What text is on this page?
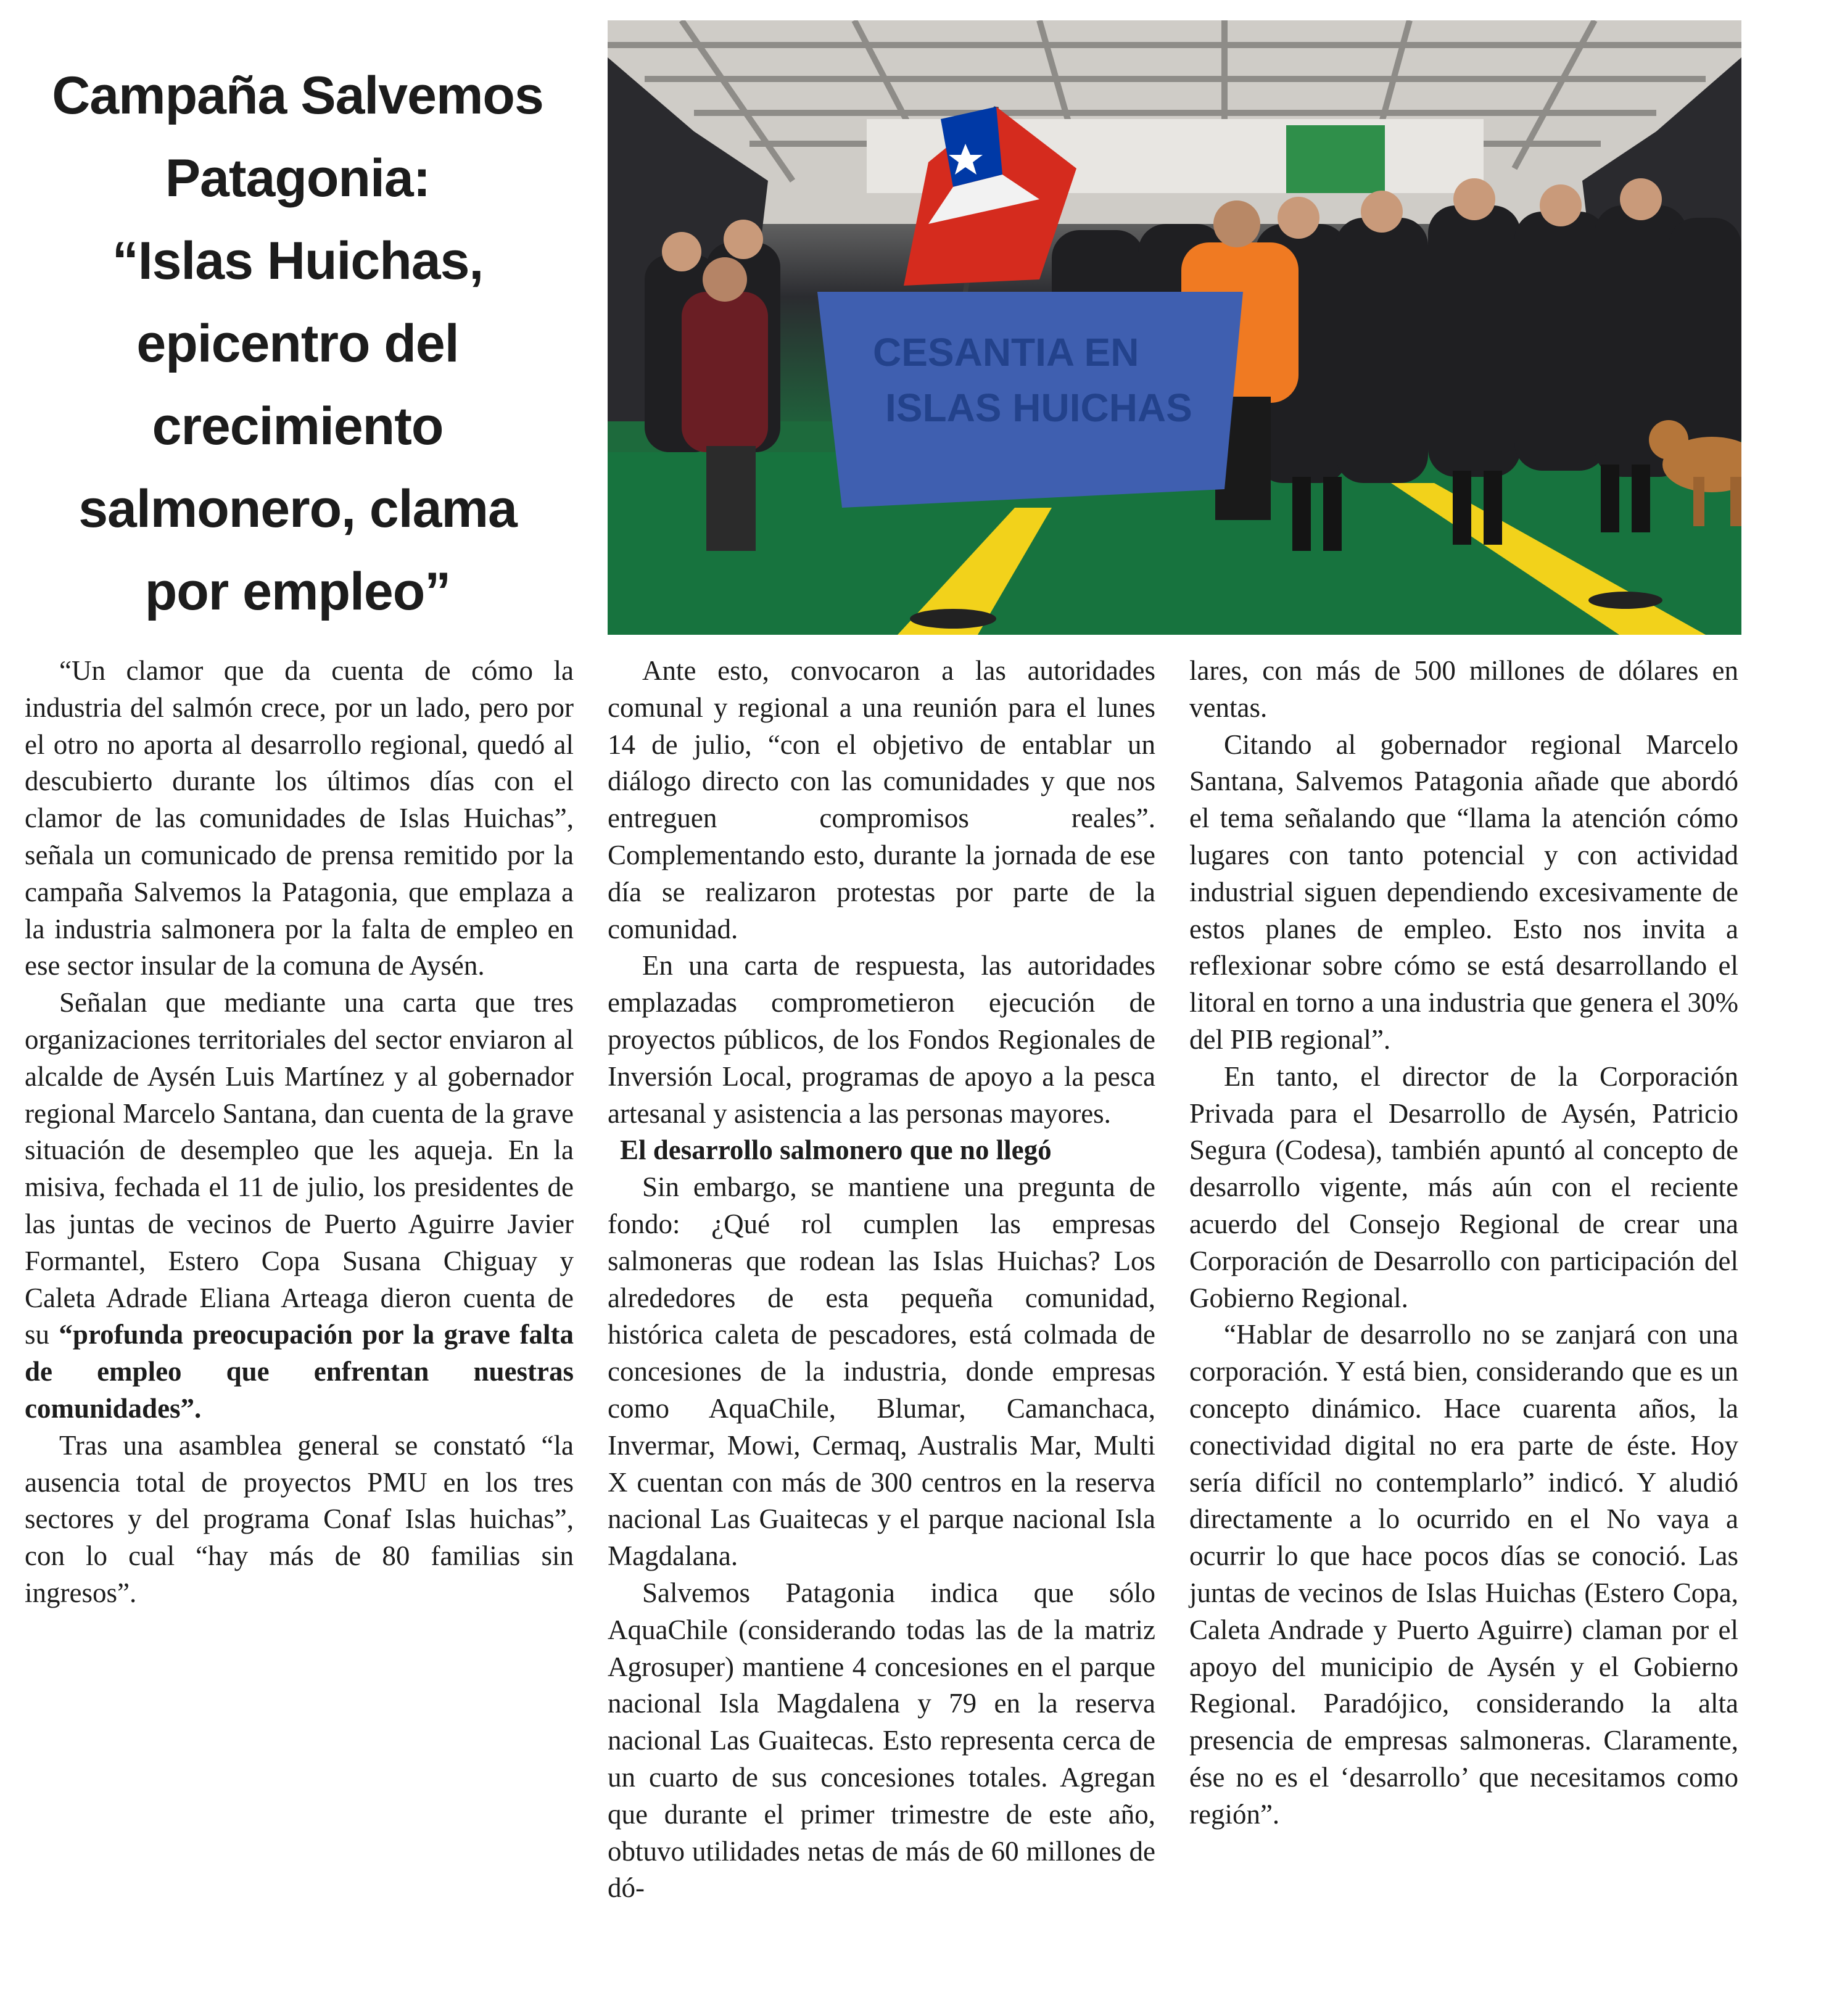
Campaña Salvemos
Patagonia:
“Islas Huichas,
epicentro del
crecimiento
salmonero, clama
por empleo”
CESANTIA EN
ISLAS HUICHAS

“Un clamor que da cuenta de cómo la industria del salmón crece, por un lado, pero por el otro no aporta al desarrollo regional, quedó al descubierto durante los últimos días con el clamor de las comunidades de Islas Huichas”, señala un comunicado de prensa remitido por la campaña Salvemos la Patagonia, que emplaza a la industria salmonera por la falta de empleo en ese sector insular de la comuna de Aysén.

Señalan que mediante una carta que tres organizaciones territoriales del sector enviaron al alcalde de Aysén Luis Martínez y al gobernador regional Marcelo Santana, dan cuenta de la grave situación de desempleo que les aqueja. En la misiva, fechada el 11 de julio, los presidentes de las juntas de vecinos de Puerto Aguirre Javier Formantel, Estero Copa Susana Chiguay y Caleta Adrade Eliana Arteaga dieron cuenta de su “profunda preocupación por la grave falta de empleo que enfrentan nuestras comunidades”.

Tras una asamblea general se constató “la ausencia total de proyectos PMU en los tres sectores y del programa Conaf Islas huichas”, con lo cual “hay más de 80 familias sin ingresos”.

Ante esto, convocaron a las autoridades comunal y regional a una reunión para el lunes 14 de julio, “con el objetivo de entablar un diálogo directo con las comunidades y que nos entreguen compromisos reales”. Complementando esto, durante la jornada de ese día se realizaron protestas por parte de la comunidad.

En una carta de respuesta, las autoridades emplazadas comprometieron ejecución de proyectos públicos, de los Fondos Regionales de Inversión Local, programas de apoyo a la pesca artesanal y asistencia a las personas mayores.

El desarrollo salmonero que no llegó

Sin embargo, se mantiene una pregunta de fondo: ¿Qué rol cumplen las empresas salmoneras que rodean las Islas Huichas? Los alrededores de esta pequeña comunidad, histórica caleta de pescadores, está colmada de concesiones de la industria, donde empresas como AquaChile, Blumar, Camanchaca, Invermar, Mowi, Cermaq, Australis Mar, Multi X cuentan con más de 300 centros en la reserva nacional Las Guaitecas y el parque nacional Isla Magdalana.

Salvemos Patagonia indica que sólo AquaChile (considerando todas las de la matriz Agrosuper) mantiene 4 concesiones en el parque nacional Isla Magdalena y 79 en la reserva nacional Las Guaitecas. Esto representa cerca de un cuarto de sus concesiones totales. Agregan que durante el primer trimestre de este año, obtuvo utilidades netas de más de 60 millones de dó-

lares, con más de 500 millones de dólares en ventas.

Citando al gobernador regional Marcelo Santana, Salvemos Patagonia añade que abordó el tema señalando que “llama la atención cómo lugares con tanto potencial y con actividad industrial siguen dependiendo excesivamente de estos planes de empleo. Esto nos invita a reflexionar sobre cómo se está desarrollando el litoral en torno a una industria que genera el 30% del PIB regional”.

En tanto, el director de la Corporación Privada para el Desarrollo de Aysén, Patricio Segura (Codesa), también apuntó al concepto de desarrollo vigente, más aún con el reciente acuerdo del Consejo Regional de crear una Corporación de Desarrollo con participación del Gobierno Regional.

“Hablar de desarrollo no se zanjará con una corporación. Y está bien, considerando que es un concepto dinámico. Hace cuarenta años, la conectividad digital no era parte de éste. Hoy sería difícil no contemplarlo” indicó. Y aludió directamente a lo ocurrido en el No vaya a ocurrir lo que hace pocos días se conoció. Las juntas de vecinos de Islas Huichas (Estero Copa, Caleta Andrade y Puerto Aguirre) claman por el apoyo del municipio de Aysén y el Gobierno Regional. Paradójico, considerando la alta presencia de empresas salmoneras. Claramente, ése no es el ‘desarrollo’ que necesitamos como región”.
